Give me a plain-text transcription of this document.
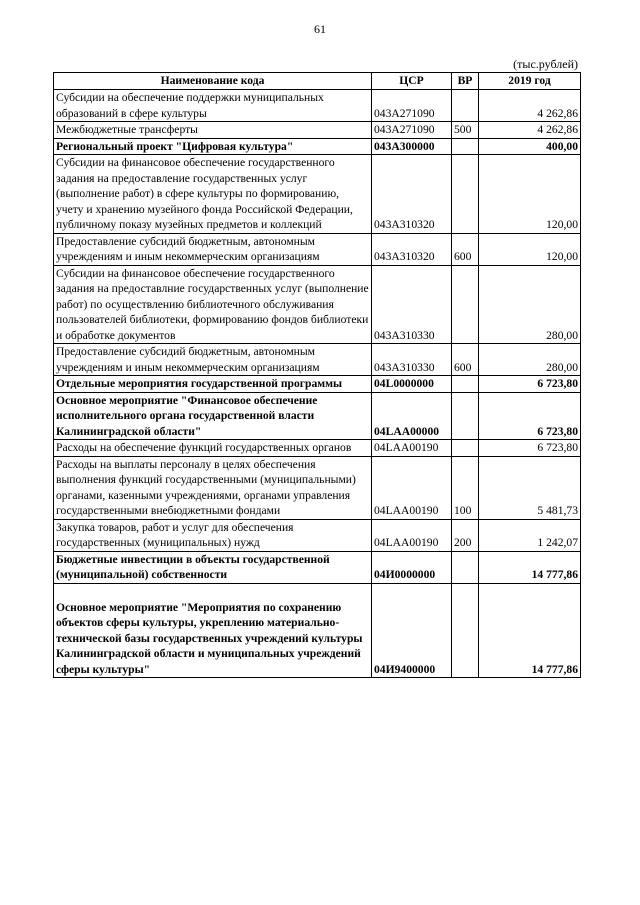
61
(тыс.рублей)
Наименование кода	ЦСР	ВР	2019 год
Субсидии на обеспечение поддержки муниципальных образований в сфере культуры	043A271090		4 262,86
Межбюджетные трансферты	043A271090	500	4 262,86
Региональный проект "Цифровая культура"	043A300000		400,00
Субсидии на финансовое обеспечение государственного задания на предоставление государственных услуг (выполнение работ) в сфере культуры по формированию, учету и хранению музейного фонда Российской Федерации, публичному показу музейных предметов и коллекций	043A310320		120,00
Предоставление субсидий бюджетным, автономным учреждениям и иным некоммерческим организациям	043A310320	600	120,00
Субсидии на финансовое обеспечение государственного задания на предоставлние государственных услуг (выполнение работ) по осуществлению библиотечного обслуживания пользователей библиотеки, формированию фондов библиотеки и обработке документов	043A310330		280,00
Предоставление субсидий бюджетным, автономным учреждениям и иным некоммерческим организациям	043A310330	600	280,00
Отдельные мероприятия государственной программы	04L0000000		6 723,80
Основное мероприятие "Финансовое обеспечение исполнительного органа государственной власти Калининградской области"	04LAA00000		6 723,80
Расходы на обеспечение функций государственных органов	04LAA00190		6 723,80
Расходы на выплаты персоналу в целях обеспечения выполнения функций государственными (муниципальными) органами, казенными учреждениями, органами управления государственными внебюджетными фондами	04LAA00190	100	5 481,73
Закупка товаров, работ и услуг для обеспечения государственных (муниципальных) нужд	04LAA00190	200	1 242,07
Бюджетные инвестиции в объекты государственной (муниципальной) собственности	04И0000000		14 777,86

Основное мероприятие "Мероприятия по сохранению объектов сферы культуры, укреплению материально-технической базы государственных учреждений культуры Калининградской области и муниципальных учреждений сферы культуры"	04И9400000		14 777,86
